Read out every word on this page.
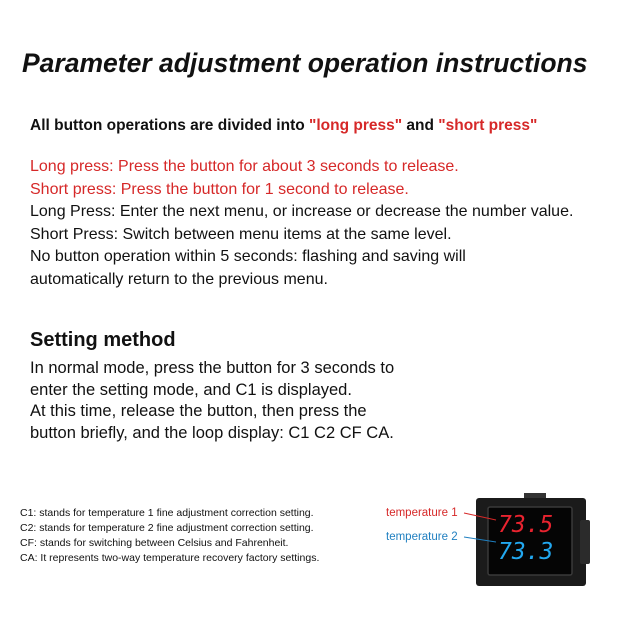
Parameter adjustment operation instructions
All button operations are divided into "long press" and "short press"
Long press: Press the button for about 3 seconds to release.
Short press: Press the button for 1 second to release.
Long Press: Enter the next menu, or increase or decrease the number value.
Short Press: Switch between menu items at the same level.
No button operation within 5 seconds: flashing and saving will
automatically return to the previous menu.
Setting method
In normal mode, press the button for 3 seconds to
enter the setting mode, and C1 is displayed.
At this time, release the button, then press the
button briefly, and the loop display: C1 C2 CF CA.
C1: stands for temperature 1 fine adjustment correction setting.
C2: stands for temperature 2 fine adjustment correction setting.
CF: stands for switching between Celsius and Fahrenheit.
CA: It represents two-way temperature recovery factory settings.
73.5
73.3
temperature 1
temperature 2
